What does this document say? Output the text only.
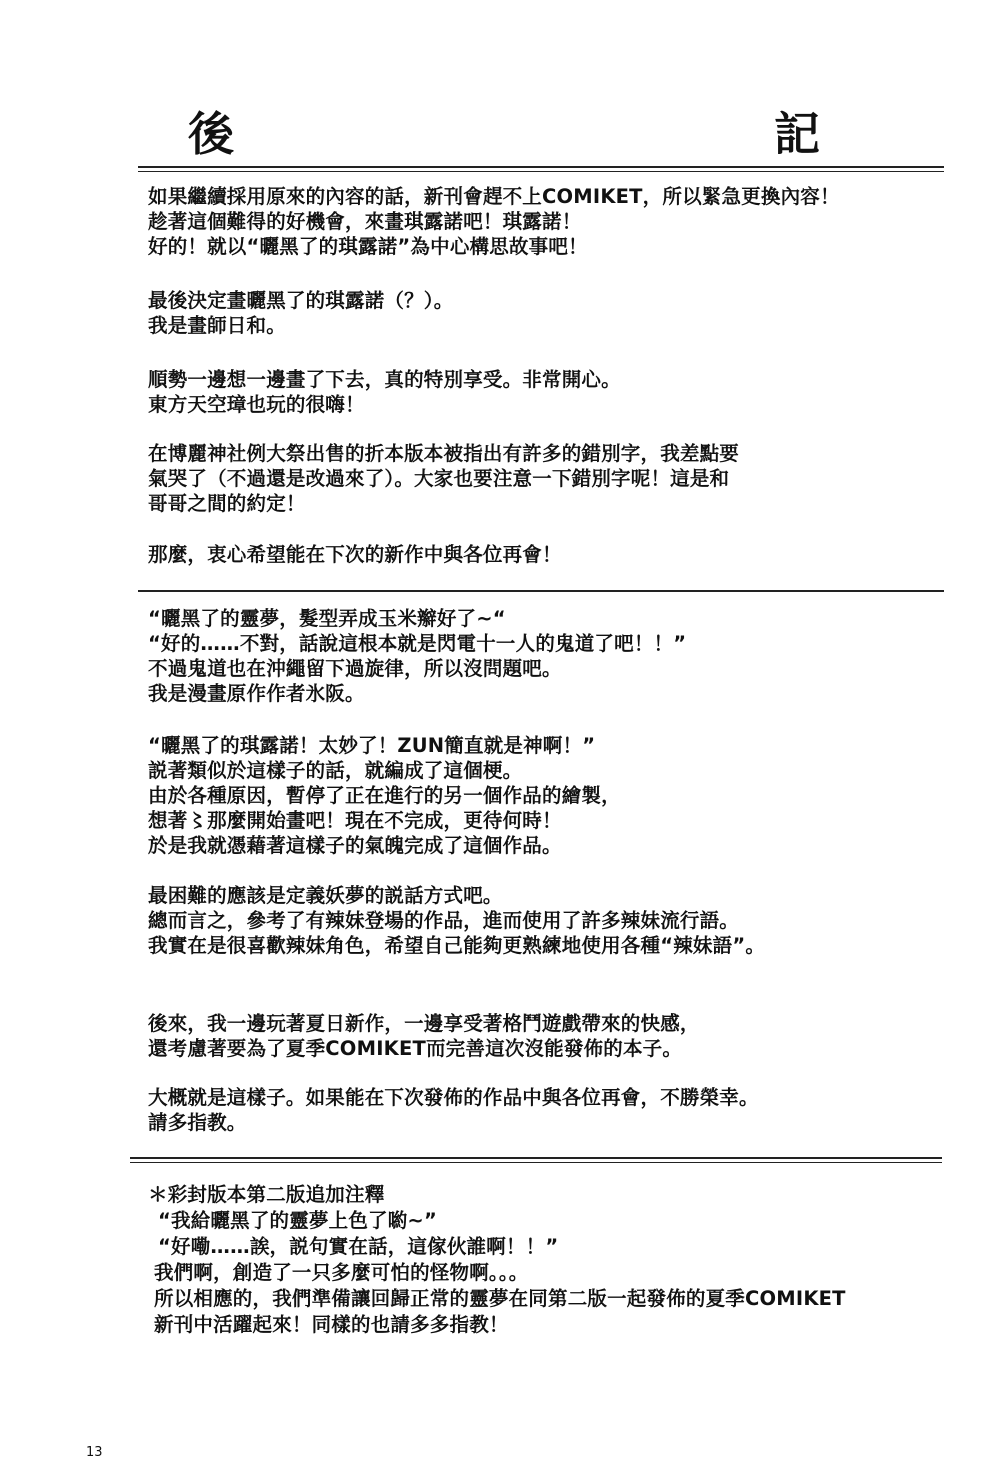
後	記

如果繼續採用原來的內容的話，新刊會趕不上COMIKET，所以緊急更換內容！
趁著這個難得的好機會，來畫琪露諾吧！琪露諾！
好的！就以“曬黑了的琪露諾”為中心構思故事吧！

最後決定畫曬黑了的琪露諾（？）。
我是畫師日和。

順勢一邊想一邊畫了下去，真的特別享受。非常開心。
東方天空璋也玩的很嗨！

在博麗神社例大祭出售的折本版本被指出有許多的錯別字，我差點要
氣哭了（不過還是改過來了）。大家也要注意一下錯別字呢！這是和
哥哥之間的約定！

那麼，衷心希望能在下次的新作中與各位再會！

“曬黑了的靈夢，髮型弄成玉米辮好了~“
“好的……不對，話說這根本就是閃電十一人的鬼道了吧！！”
不過鬼道也在沖繩留下過旋律，所以沒問題吧。
我是漫畫原作作者氷阪。

“曬黑了的琪露諾！太妙了！ZUN簡直就是神啊！”
説著類似於這樣子的話，就編成了這個梗。
由於各種原因，暫停了正在進行的另一個作品的繪製，
想著〻那麼開始畫吧！現在不完成，更待何時！
於是我就憑藉著這樣子的氣魄完成了這個作品。

最困難的應該是定義妖夢的説話方式吧。
總而言之，參考了有辣妹登場的作品，進而使用了許多辣妹流行語。
我實在是很喜歡辣妹角色，希望自己能夠更熟練地使用各種“辣妹語”。

後來，我一邊玩著夏日新作，一邊享受著格鬥遊戲帶來的快感，
還考慮著要為了夏季COMIKET而完善這次沒能發佈的本子。

大概就是這樣子。如果能在下次發佈的作品中與各位再會，不勝榮幸。
請多指教。

＊彩封版本第二版追加注釋
“我給曬黑了的靈夢上色了喲~”
“好嘞……誒，説句實在話，這傢伙誰啊！！”
我們啊，創造了一只多麼可怕的怪物啊。。。
所以相應的，我們準備讓回歸正常的靈夢在同第二版一起發佈的夏季COMIKET
新刊中活躍起來！同樣的也請多多指教！

13
